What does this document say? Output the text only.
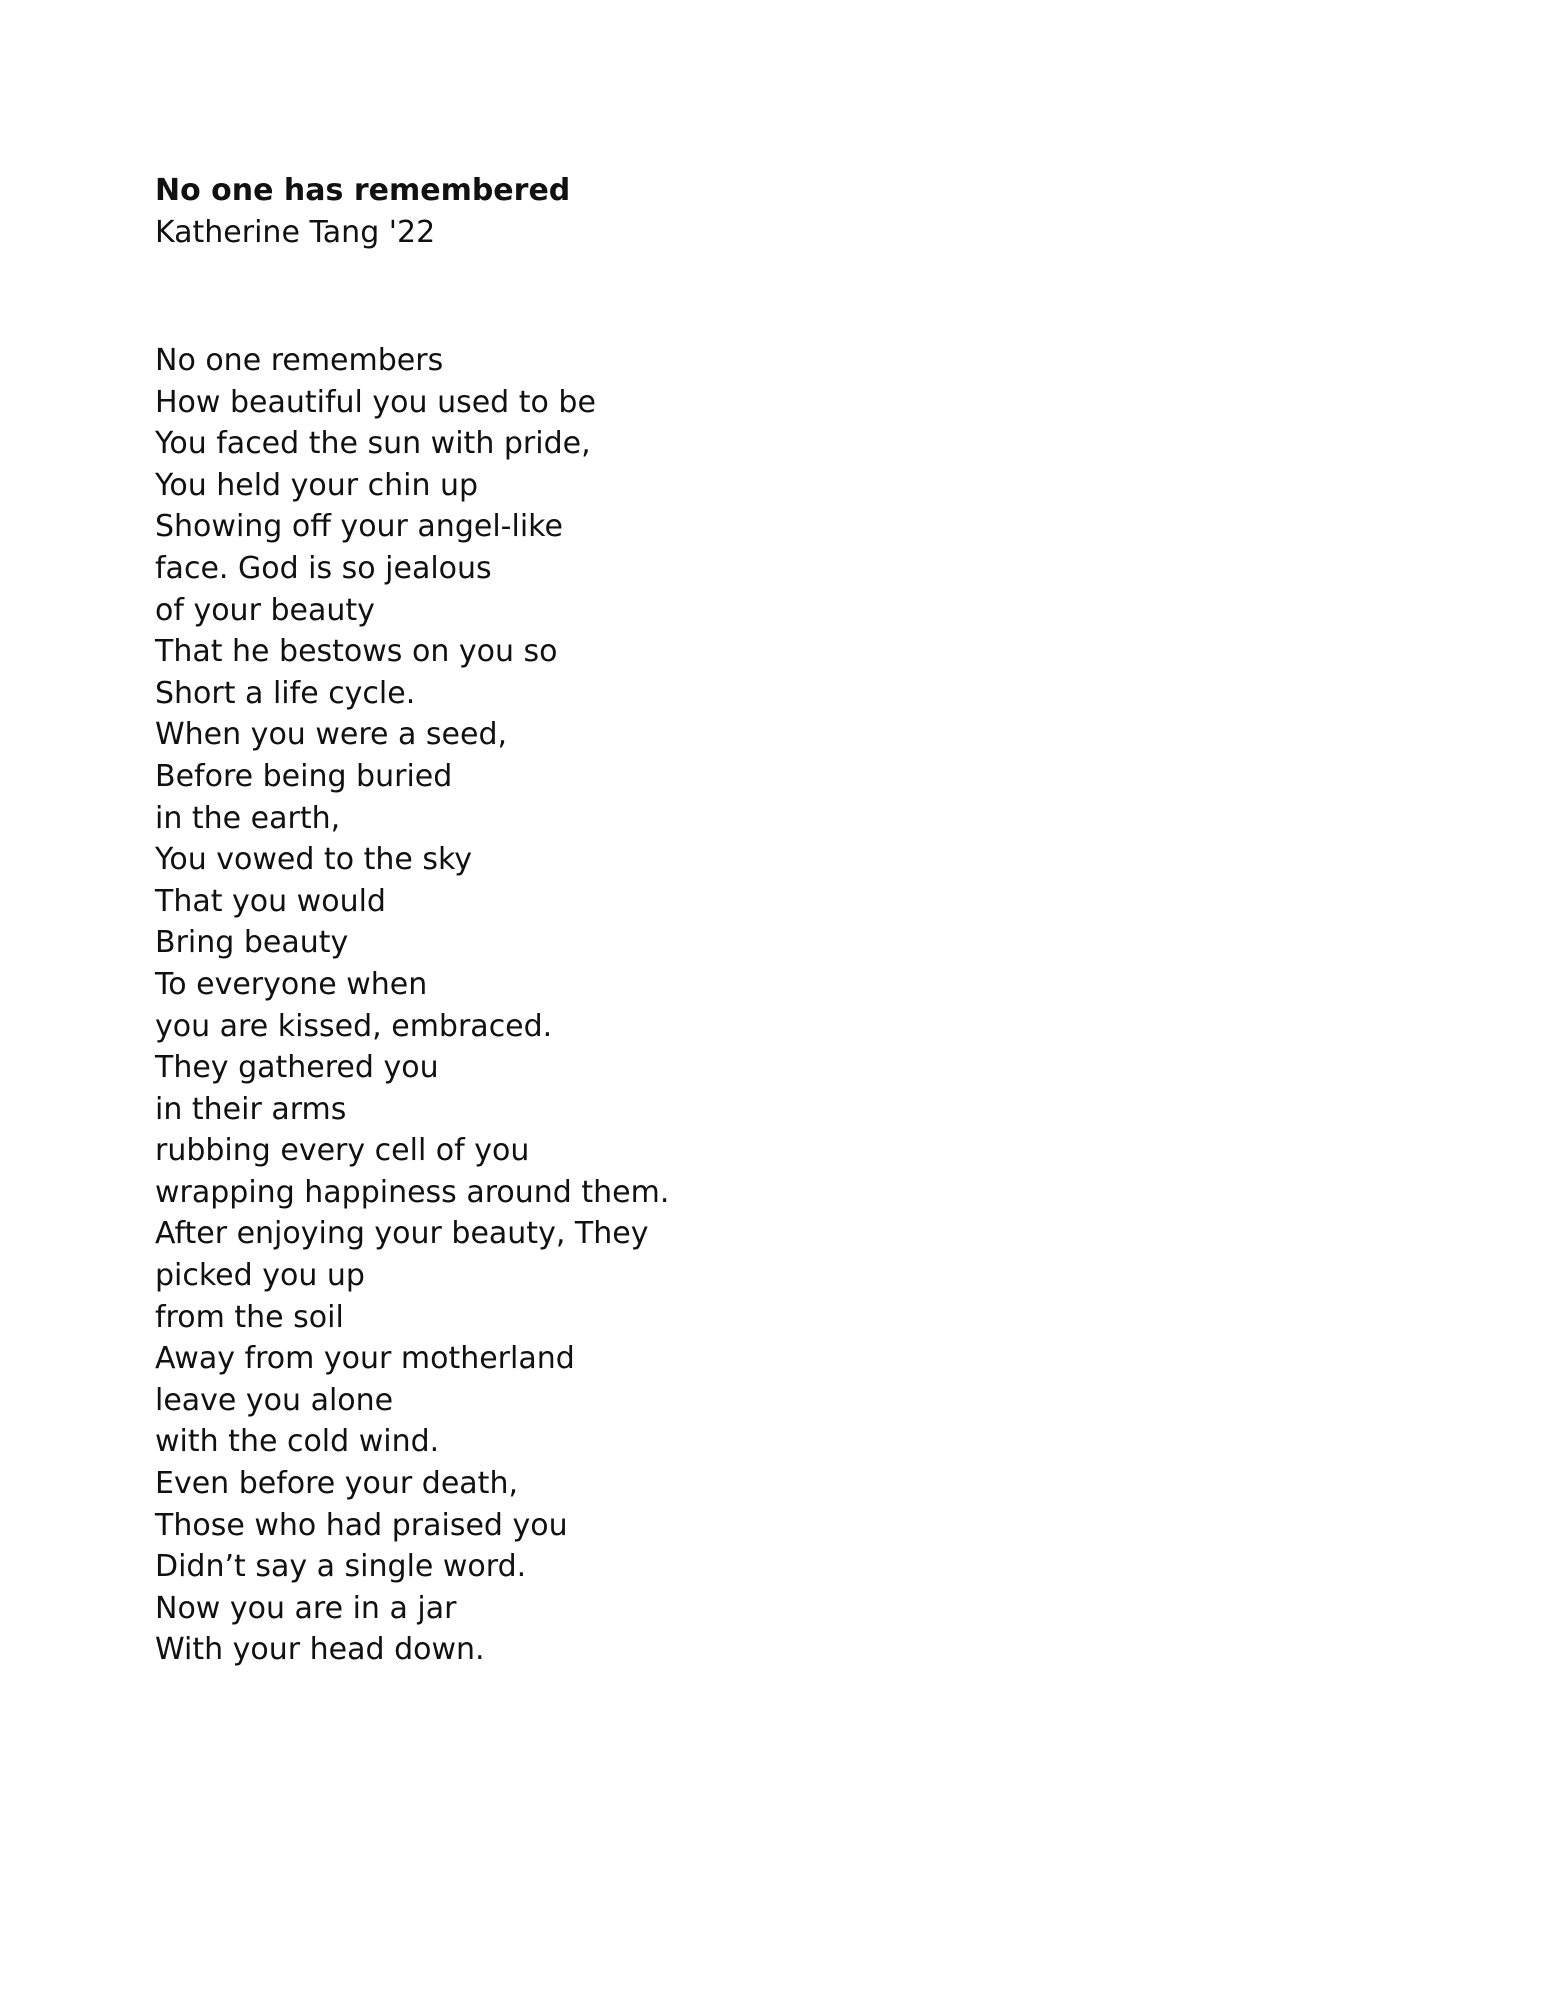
No one has remembered

Katherine Tang '22

No one remembers
How beautiful you used to be
You faced the sun with pride,
You held your chin up
Showing off your angel-like
face. God is so jealous
of your beauty
That he bestows on you so
Short a life cycle.
When you were a seed,
Before being buried
in the earth,
You vowed to the sky
That you would
Bring beauty
To everyone when
you are kissed, embraced.
They gathered you
in their arms
rubbing every cell of you
wrapping happiness around them.
After enjoying your beauty, They
picked you up
from the soil
Away from your motherland
leave you alone
with the cold wind.
Even before your death,
Those who had praised you
Didn’t say a single word.
Now you are in a jar
With your head down.
